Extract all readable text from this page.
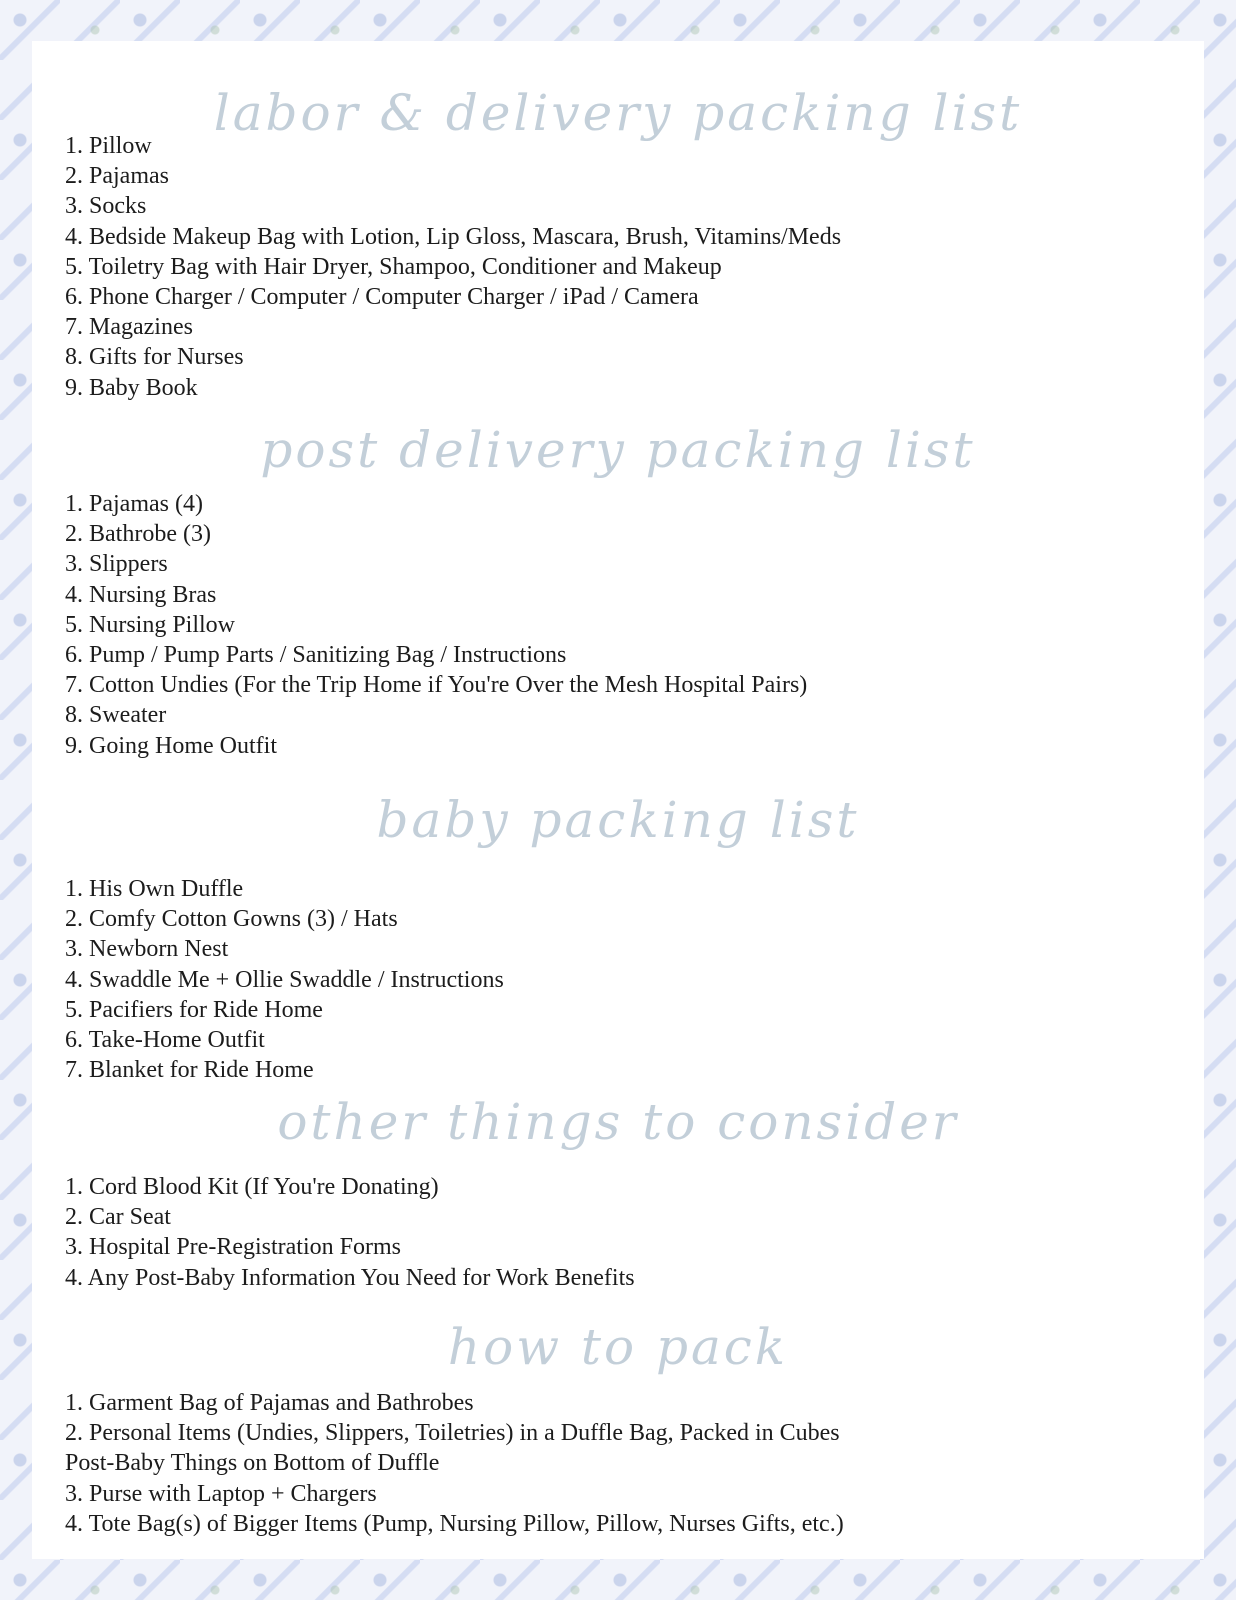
labor & delivery packing list
1. Pillow
2. Pajamas
3. Socks
4. Bedside Makeup Bag with Lotion, Lip Gloss, Mascara, Brush, Vitamins/Meds
5. Toiletry Bag with Hair Dryer, Shampoo, Conditioner and Makeup
6. Phone Charger / Computer / Computer Charger / iPad / Camera
7. Magazines
8. Gifts for Nurses
9. Baby Book
post delivery packing list
1. Pajamas (4)
2. Bathrobe (3)
3. Slippers
4. Nursing Bras
5. Nursing Pillow
6. Pump / Pump Parts / Sanitizing Bag / Instructions
7. Cotton Undies (For the Trip Home if You're Over the Mesh Hospital Pairs)
8. Sweater
9. Going Home Outfit
baby packing list
1. His Own Duffle
2. Comfy Cotton Gowns (3) / Hats
3. Newborn Nest
4. Swaddle Me + Ollie Swaddle / Instructions
5. Pacifiers for Ride Home
6. Take-Home Outfit
7. Blanket for Ride Home
other things to consider
1. Cord Blood Kit (If You're Donating)
2. Car Seat
3. Hospital Pre-Registration Forms
4. Any Post-Baby Information You Need for Work Benefits
how to pack
1. Garment Bag of Pajamas and Bathrobes
2. Personal Items (Undies, Slippers, Toiletries) in a Duffle Bag, Packed in Cubes
Post-Baby Things on Bottom of Duffle
3. Purse with Laptop + Chargers
4. Tote Bag(s) of Bigger Items (Pump, Nursing Pillow, Pillow, Nurses Gifts, etc.)
